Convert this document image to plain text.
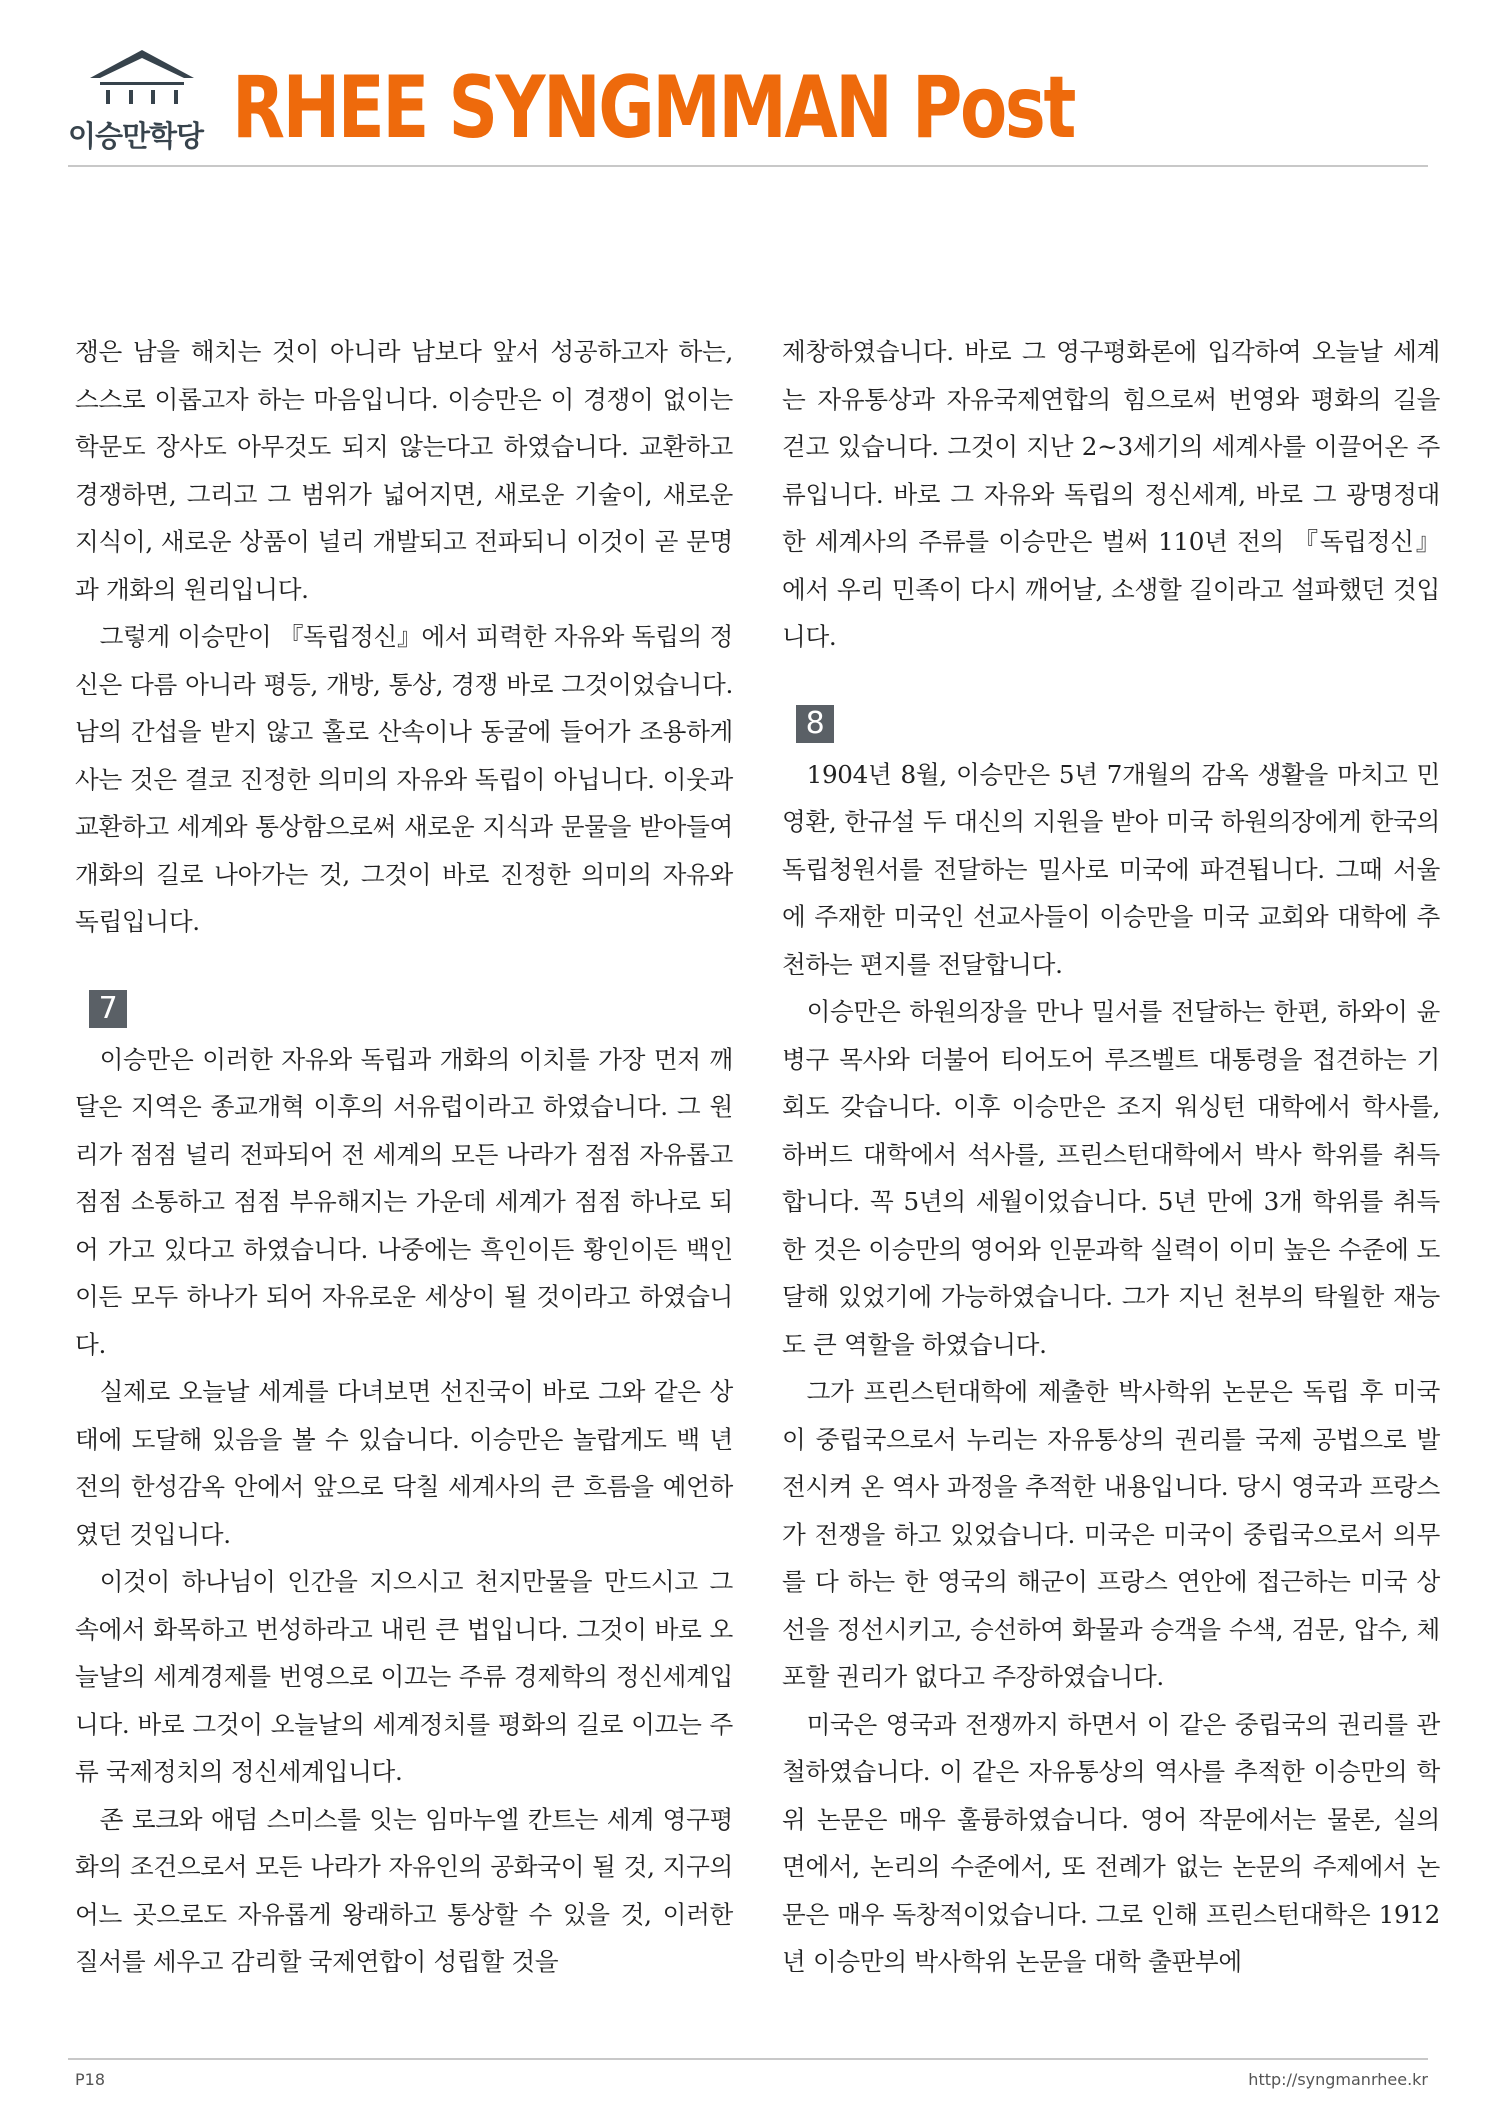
이승만학당 RHEE SYNGMMAN Post

쟁은 남을 해치는 것이 아니라 남보다 앞서 성공하고자 하는, 스스로 이롭고자 하는 마음입니다. 이승만은 이 경쟁이 없이는 학문도 장사도 아무것도 되지 않는다고 하였습니다. 교환하고 경쟁하면, 그리고 그 범위가 넓어지면, 새로운 기술이, 새로운 지식이, 새로운 상품이 널리 개발되고 전파되니 이것이 곧 문명과 개화의 원리입니다.

그렇게 이승만이 『독립정신』에서 피력한 자유와 독립의 정신은 다름 아니라 평등, 개방, 통상, 경쟁 바로 그것이었습니다. 남의 간섭을 받지 않고 홀로 산속이나 동굴에 들어가 조용하게 사는 것은 결코 진정한 의미의 자유와 독립이 아닙니다. 이웃과 교환하고 세계와 통상함으로써 새로운 지식과 문물을 받아들여 개화의 길로 나아가는 것, 그것이 바로 진정한 의미의 자유와 독립입니다.

7

이승만은 이러한 자유와 독립과 개화의 이치를 가장 먼저 깨달은 지역은 종교개혁 이후의 서유럽이라고 하였습니다. 그 원리가 점점 널리 전파되어 전 세계의 모든 나라가 점점 자유롭고 점점 소통하고 점점 부유해지는 가운데 세계가 점점 하나로 되어 가고 있다고 하였습니다. 나중에는 흑인이든 황인이든 백인이든 모두 하나가 되어 자유로운 세상이 될 것이라고 하였습니다.

실제로 오늘날 세계를 다녀보면 선진국이 바로 그와 같은 상태에 도달해 있음을 볼 수 있습니다. 이승만은 놀랍게도 백 년 전의 한성감옥 안에서 앞으로 닥칠 세계사의 큰 흐름을 예언하였던 것입니다.

이것이 하나님이 인간을 지으시고 천지만물을 만드시고 그 속에서 화목하고 번성하라고 내린 큰 법입니다. 그것이 바로 오늘날의 세계경제를 번영으로 이끄는 주류 경제학의 정신세계입니다. 바로 그것이 오늘날의 세계정치를 평화의 길로 이끄는 주류 국제정치의 정신세계입니다.

존 로크와 애덤 스미스를 잇는 임마누엘 칸트는 세계 영구평화의 조건으로서 모든 나라가 자유인의 공화국이 될 것, 지구의 어느 곳으로도 자유롭게 왕래하고 통상할 수 있을 것, 이러한 질서를 세우고 감리할 국제연합이 성립할 것을

제창하였습니다. 바로 그 영구평화론에 입각하여 오늘날 세계는 자유통상과 자유국제연합의 힘으로써 번영와 평화의 길을 걷고 있습니다. 그것이 지난 2~3세기의 세계사를 이끌어온 주류입니다. 바로 그 자유와 독립의 정신세계, 바로 그 광명정대한 세계사의 주류를 이승만은 벌써 110년 전의 『독립정신』에서 우리 민족이 다시 깨어날, 소생할 길이라고 설파했던 것입니다.

8

1904년 8월, 이승만은 5년 7개월의 감옥 생활을 마치고 민영환, 한규설 두 대신의 지원을 받아 미국 하원의장에게 한국의 독립청원서를 전달하는 밀사로 미국에 파견됩니다. 그때 서울에 주재한 미국인 선교사들이 이승만을 미국 교회와 대학에 추천하는 편지를 전달합니다.

이승만은 하원의장을 만나 밀서를 전달하는 한편, 하와이 윤병구 목사와 더불어 티어도어 루즈벨트 대통령을 접견하는 기회도 갖습니다. 이후 이승만은 조지 워싱턴 대학에서 학사를, 하버드 대학에서 석사를, 프린스턴대학에서 박사 학위를 취득합니다. 꼭 5년의 세월이었습니다. 5년 만에 3개 학위를 취득한 것은 이승만의 영어와 인문과학 실력이 이미 높은 수준에 도달해 있었기에 가능하였습니다. 그가 지닌 천부의 탁월한 재능도 큰 역할을 하였습니다.

그가 프린스턴대학에 제출한 박사학위 논문은 독립 후 미국이 중립국으로서 누리는 자유통상의 권리를 국제 공법으로 발전시켜 온 역사 과정을 추적한 내용입니다. 당시 영국과 프랑스가 전쟁을 하고 있었습니다. 미국은 미국이 중립국으로서 의무를 다 하는 한 영국의 해군이 프랑스 연안에 접근하는 미국 상선을 정선시키고, 승선하여 화물과 승객을 수색, 검문, 압수, 체포할 권리가 없다고 주장하였습니다.

미국은 영국과 전쟁까지 하면서 이 같은 중립국의 권리를 관철하였습니다. 이 같은 자유통상의 역사를 추적한 이승만의 학위 논문은 매우 훌륭하였습니다. 영어 작문에서는 물론, 실의 면에서, 논리의 수준에서, 또 전례가 없는 논문의 주제에서 논문은 매우 독창적이었습니다. 그로 인해 프린스턴대학은 1912년 이승만의 박사학위 논문을 대학 출판부에

P18	http://syngmanrhee.kr
